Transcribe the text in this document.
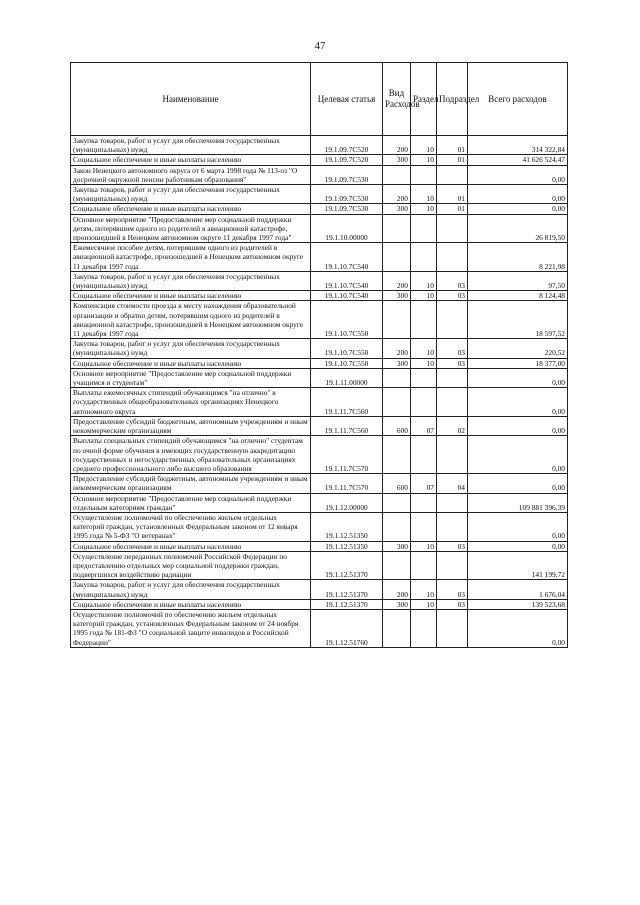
47
Наименование	Целевая статья	Вид Расходов	Раздел	Подраздел	Всего расходов
Закупка товаров, работ и услуг для обеспечения государственных (муниципальных) нужд	19.1.09.7С520	200	10	01	314 322,84
Социальное обеспечение и иные выплаты населению	19.1.09.7С520	300	10	01	41 626 524,47
Закон Ненецкого автономного округа от 6 марта 1998 года № 113-оз "О досрочной окружной пенсии работникам образования"	19.1.09.7С530				0,00
Закупка товаров, работ и услуг для обеспечения государственных (муниципальных) нужд	19.1.09.7С530	200	10	01	0,00
Социальное обеспечение и иные выплаты населению	19.1.09.7С530	300	10	01	0,00
Основное мероприятие "Предоставление мер социальной поддержки детям, потерявшим одного из родителей в авиационной катастрофе, произошедшей в Ненецком автономном округе 11 декабря 1997 года"	19.1.10.00000				26 819,50
Ежемесячное пособие детям, потерявшим одного из родителей в авиационной катастрофе, произошедшей в Ненецком автономном округе 11 декабря 1997 года	19.1.10.7С540				8 221,98
Закупка товаров, работ и услуг для обеспечения государственных (муниципальных) нужд	19.1.10.7С540	200	10	03	97,50
Социальное обеспечение и иные выплаты населению	19.1.10.7С540	300	10	03	8 124,48
Компенсация стоимости проезда к месту нахождения образовательной организации и обратно детям, потерявшим одного из родителей в авиационной катастрофе, произошедшей в Ненецком автономном округе 11 декабря 1997 года	19.1.10.7С550				18 597,52
Закупка товаров, работ и услуг для обеспечения государственных (муниципальных) нужд	19.1.10.7С550	200	10	03	220,52
Социальное обеспечение и иные выплаты населению	19.1.10.7С550	300	10	03	18 377,00
Основное мероприятие "Предоставление мер социальной поддержки учащимся и студентам"	19.1.11.00000				0,00
Выплаты ежемесячных стипендий обучающимся "на отлично" в государственных общеобразовательных организациях Ненецкого автономного округа	19.1.11.7С560				0,00
Предоставление субсидий бюджетным, автономным учреждениям и иным некоммерческим организациям	19.1.11.7С560	600	07	02	0,00
Выплаты специальных стипендий обучающимся "на отлично" студентам по очной форме обучения в имеющих государственную аккредитацию государственных и негосударственных образовательных организациях среднего профессионального либо высшего образования	19.1.11.7С570				0,00
Предоставление субсидий бюджетным, автономным учреждениям и иным некоммерческим организациям	19.1.11.7С570	600	07	04	0,00
Основное мероприятие "Предоставление мер социальной поддержки отдельным категориям граждан"	19.1.12.00000				109 881 396,39
Осуществление полномочий по обеспечению жильем отдельных категорий граждан, установленных Федеральным законом от 12 января 1995 года № 5-ФЗ "О ветеранах"	19.1.12.51350				0,00
Социальное обеспечение и иные выплаты населению	19.1.12.51350	300	10	03	0,00
Осуществление переданных полномочий Российской Федерации по предоставлению отдельных мер социальной поддержки граждан, подвергшихся воздействию радиации	19.1.12.51370				141 199,72
Закупка товаров, работ и услуг для обеспечения государственных (муниципальных) нужд	19.1.12.51370	200	10	03	1 676,04
Социальное обеспечение и иные выплаты населению	19.1.12.51370	300	10	03	139 523,68
Осуществление полномочий по обеспечению жильем отдельных категорий граждан, установленных Федеральным законом от 24 ноября 1995 года № 181-ФЗ "О социальной защите инвалидов в Российской Федерации"	19.1.12.51760				0,00
